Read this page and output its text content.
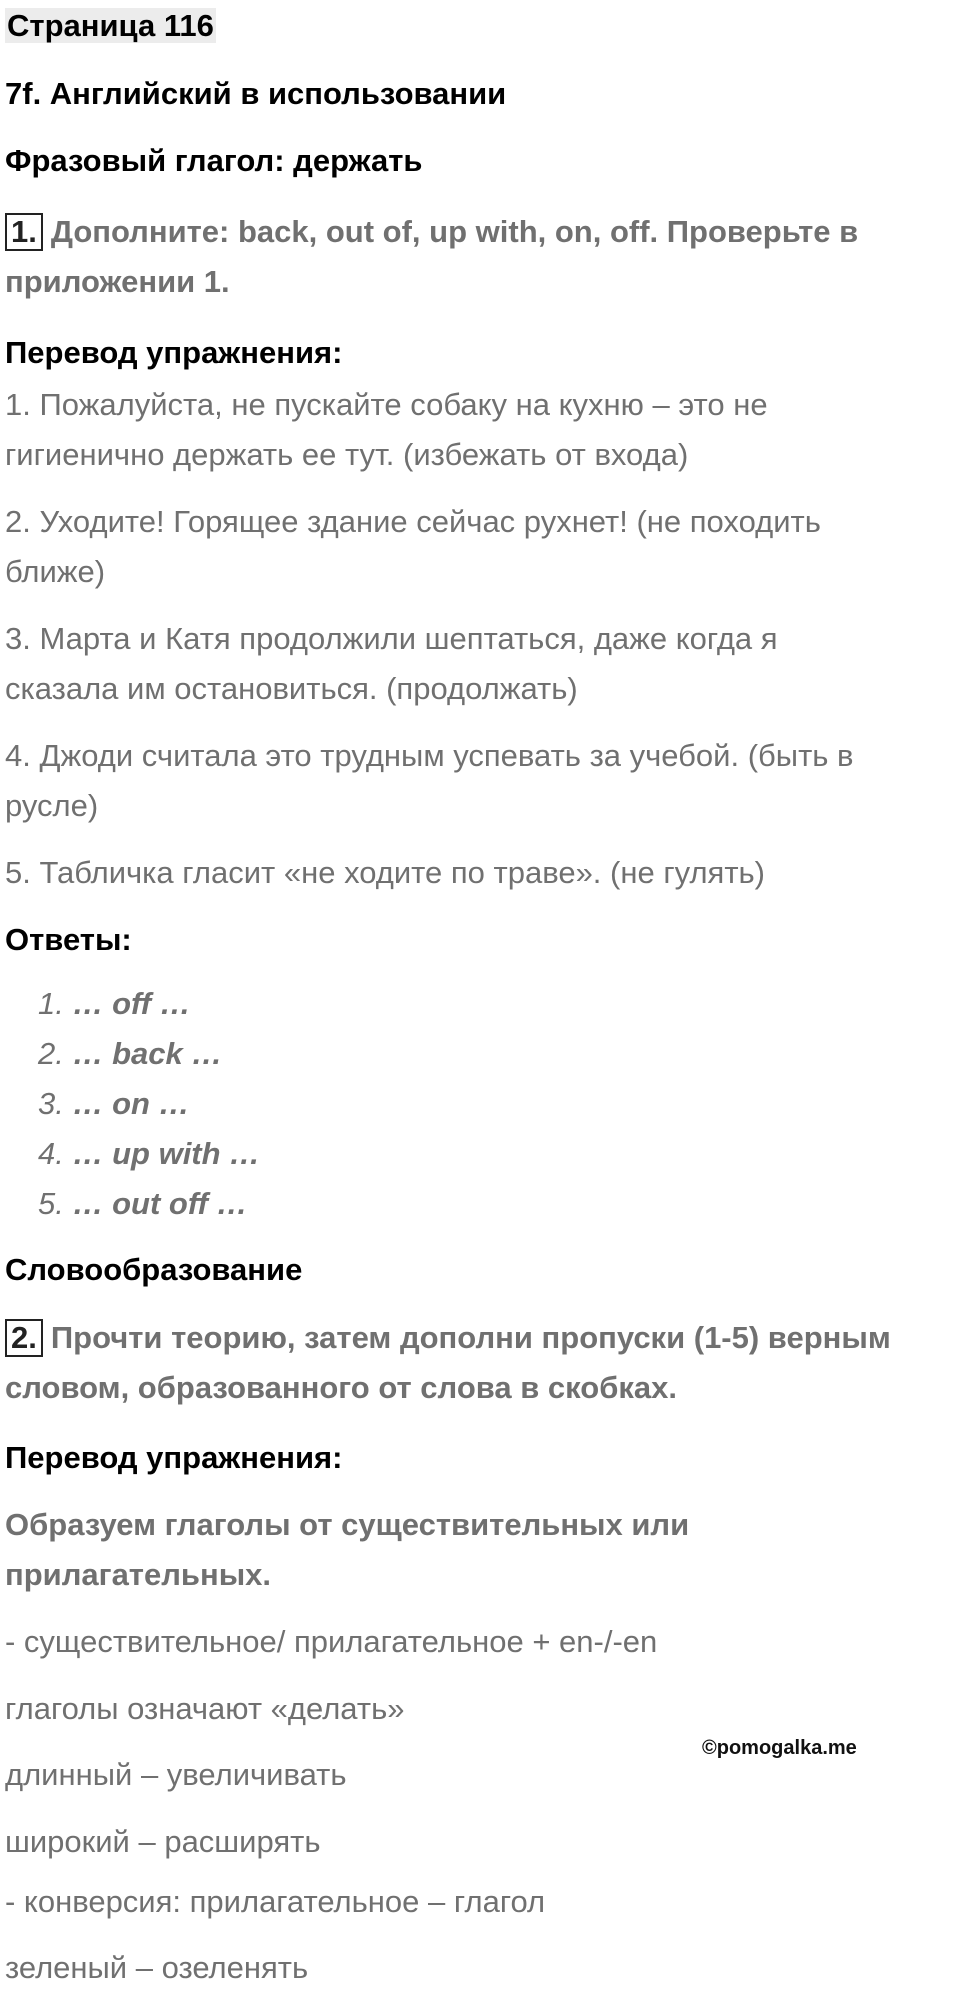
Страница 116
7f. Английский в использовании
Фразовый глагол: держать
1. Дополните: back, out of, up with, on, off. Проверьте в
приложении 1.
Перевод упражнения:
1. Пожалуйста, не пускайте собаку на кухню – это не
гигиенично держать ее тут. (избежать от входа)
2. Уходите! Горящее здание сейчас рухнет! (не походить
ближе)
3. Марта и Катя продолжили шептаться, даже когда я
сказала им остановиться. (продолжать)
4. Джоди считала это трудным успевать за учебой. (быть в
русле)
5. Табличка гласит «не ходите по траве». (не гулять)
Ответы:
1. … off …
2. … back …
3. … on …
4. … up with …
5. … out off …
Словообразование
2. Прочти теорию, затем дополни пропуски (1-5) верным
словом, образованного от слова в скобках.
Перевод упражнения:
Образуем глаголы от существительных или
прилагательных.
- существительное/ прилагательное + en-/-en
глаголы означают «делать»
длинный – увеличивать
широкий – расширять
- конверсия: прилагательное – глагол
зеленый – озеленять
©pomogalka.me
